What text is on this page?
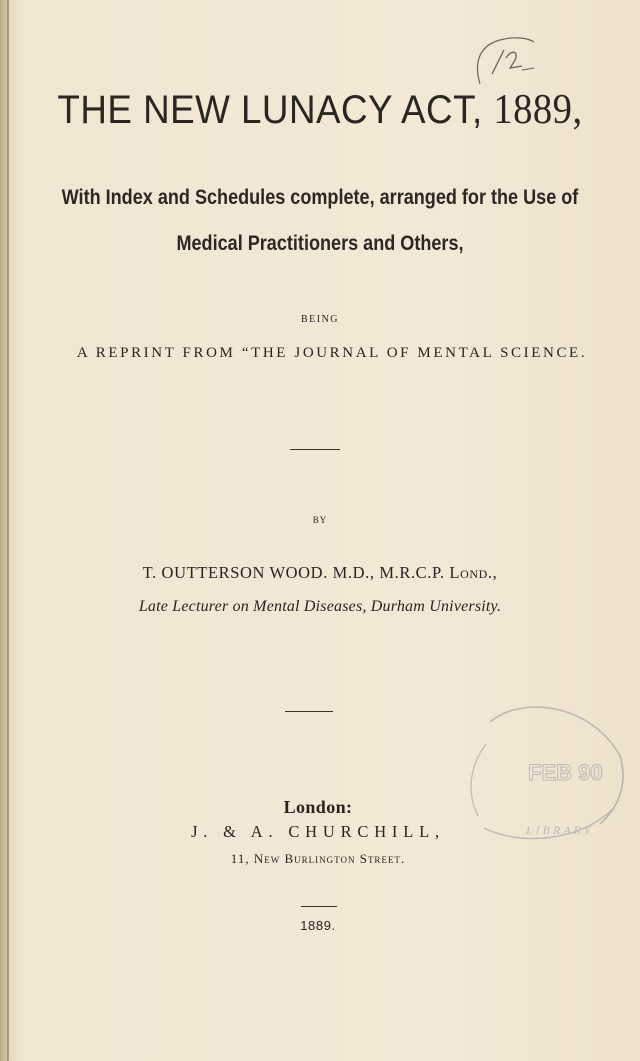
THE NEW LUNACY ACT, 1889,
With Index and Schedules complete, arranged for the Use of
Medical Practitioners and Others,
BEING
A REPRINT FROM “THE JOURNAL OF MENTAL SCIENCE.
BY
T. OUTTERSON WOOD. M.D., M.R.C.P. Lond.,
Late Lecturer on Mental Diseases, Durham University.
FEB 90
LIBRARY
London:
J. & A. CHURCHILL,
11, New Burlington Street.
1889.
